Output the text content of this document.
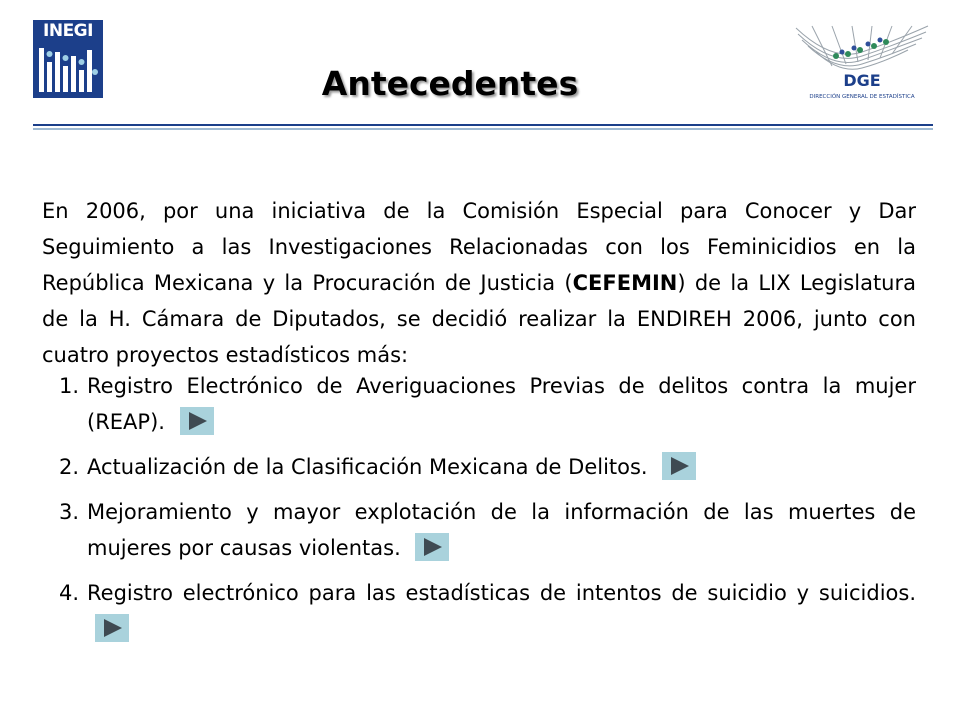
INEGI
DGE
DIRECCIÓN GENERAL DE ESTADÍSTICA
Antecedentes

En 2006, por una iniciativa de la Comisión Especial para Conocer y Dar Seguimiento a las Investigaciones Relacionadas con los Feminicidios en la República Mexicana y la Procuración de Justicia (CEFEMIN) de la LIX Legislatura de la H. Cámara de Diputados, se decidió realizar la ENDIREH 2006, junto con cuatro proyectos estadísticos más:

1. Registro Electrónico de Averiguaciones Previas de delitos contra la mujer (REAP).
2. Actualización de la Clasificación Mexicana de Delitos.
3. Mejoramiento y mayor explotación de la información de las muertes de mujeres por causas violentas.
4. Registro electrónico para las estadísticas de intentos de suicidio y suicidios.
